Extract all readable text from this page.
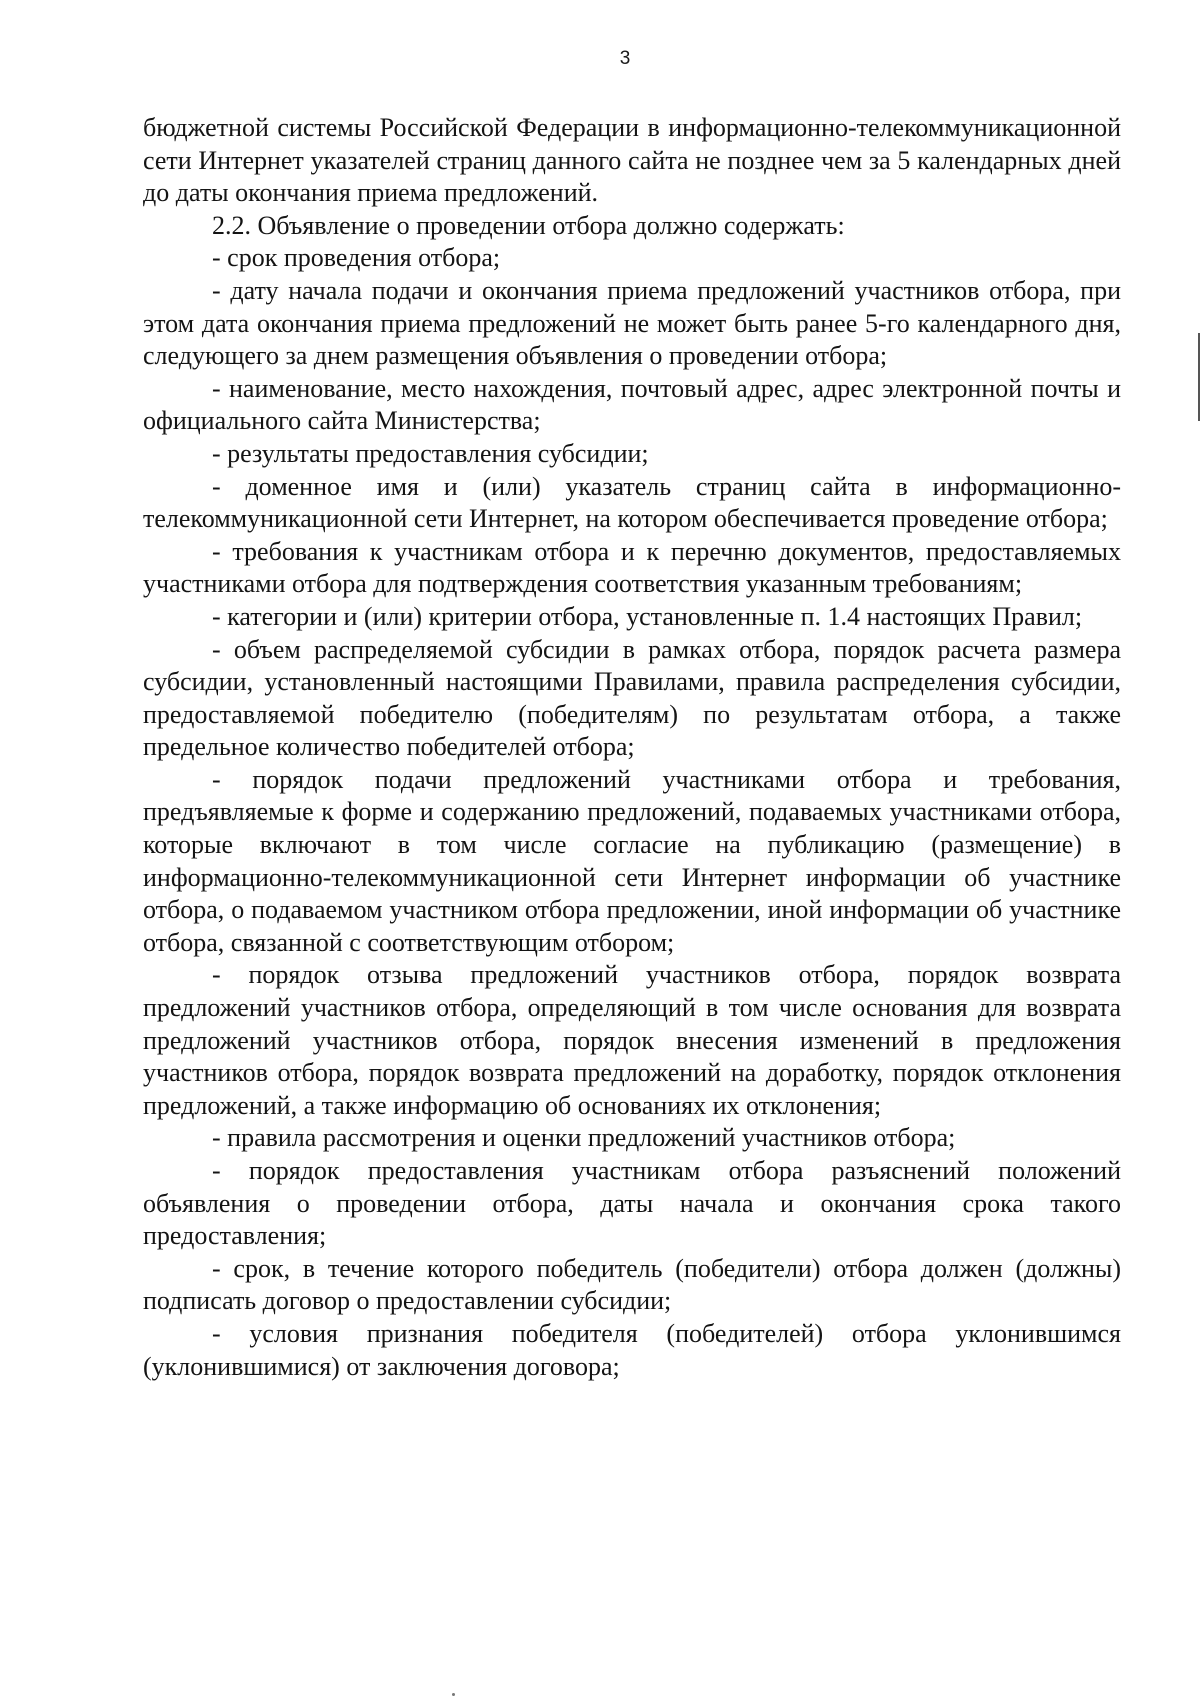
3

бюджетной системы Российской Федерации в информационно-телекоммуникационной сети Интернет указателей страниц данного сайта не позднее чем за 5 календарных дней до даты окончания приема предложений.

2.2. Объявление о проведении отбора должно содержать:

- срок проведения отбора;

- дату начала подачи и окончания приема предложений участников отбора, при этом дата окончания приема предложений не может быть ранее 5-го календарного дня, следующего за днем размещения объявления о проведении отбора;

- наименование, место нахождения, почтовый адрес, адрес электронной почты и официального сайта Министерства;

- результаты предоставления субсидии;

- доменное имя и (или) указатель страниц сайта в информационно-телекоммуникационной сети Интернет, на котором обеспечивается проведение отбора;

- требования к участникам отбора и к перечню документов, предоставляемых участниками отбора для подтверждения соответствия указанным требованиям;

- категории и (или) критерии отбора, установленные п. 1.4 настоящих Правил;

- объем распределяемой субсидии в рамках отбора, порядок расчета размера субсидии, установленный настоящими Правилами, правила распределения субсидии, предоставляемой победителю (победителям) по результатам отбора, а также предельное количество победителей отбора;

- порядок подачи предложений участниками отбора и требования, предъявляемые к форме и содержанию предложений, подаваемых участниками отбора, которые включают в том числе согласие на публикацию (размещение) в информационно-телекоммуникационной сети Интернет информации об участнике отбора, о подаваемом участником отбора предложении, иной информации об участнике отбора, связанной с соответствующим отбором;

- порядок отзыва предложений участников отбора, порядок возврата предложений участников отбора, определяющий в том числе основания для возврата предложений участников отбора, порядок внесения изменений в предложения участников отбора, порядок возврата предложений на доработку, порядок отклонения предложений, а также информацию об основаниях их отклонения;

- правила рассмотрения и оценки предложений участников отбора;

- порядок предоставления участникам отбора разъяснений положений объявления о проведении отбора, даты начала и окончания срока такого предоставления;

- срок, в течение которого победитель (победители) отбора должен (должны) подписать договор о предоставлении субсидии;

- условия признания победителя (победителей) отбора уклонившимся (уклонившимися) от заключения договора;
